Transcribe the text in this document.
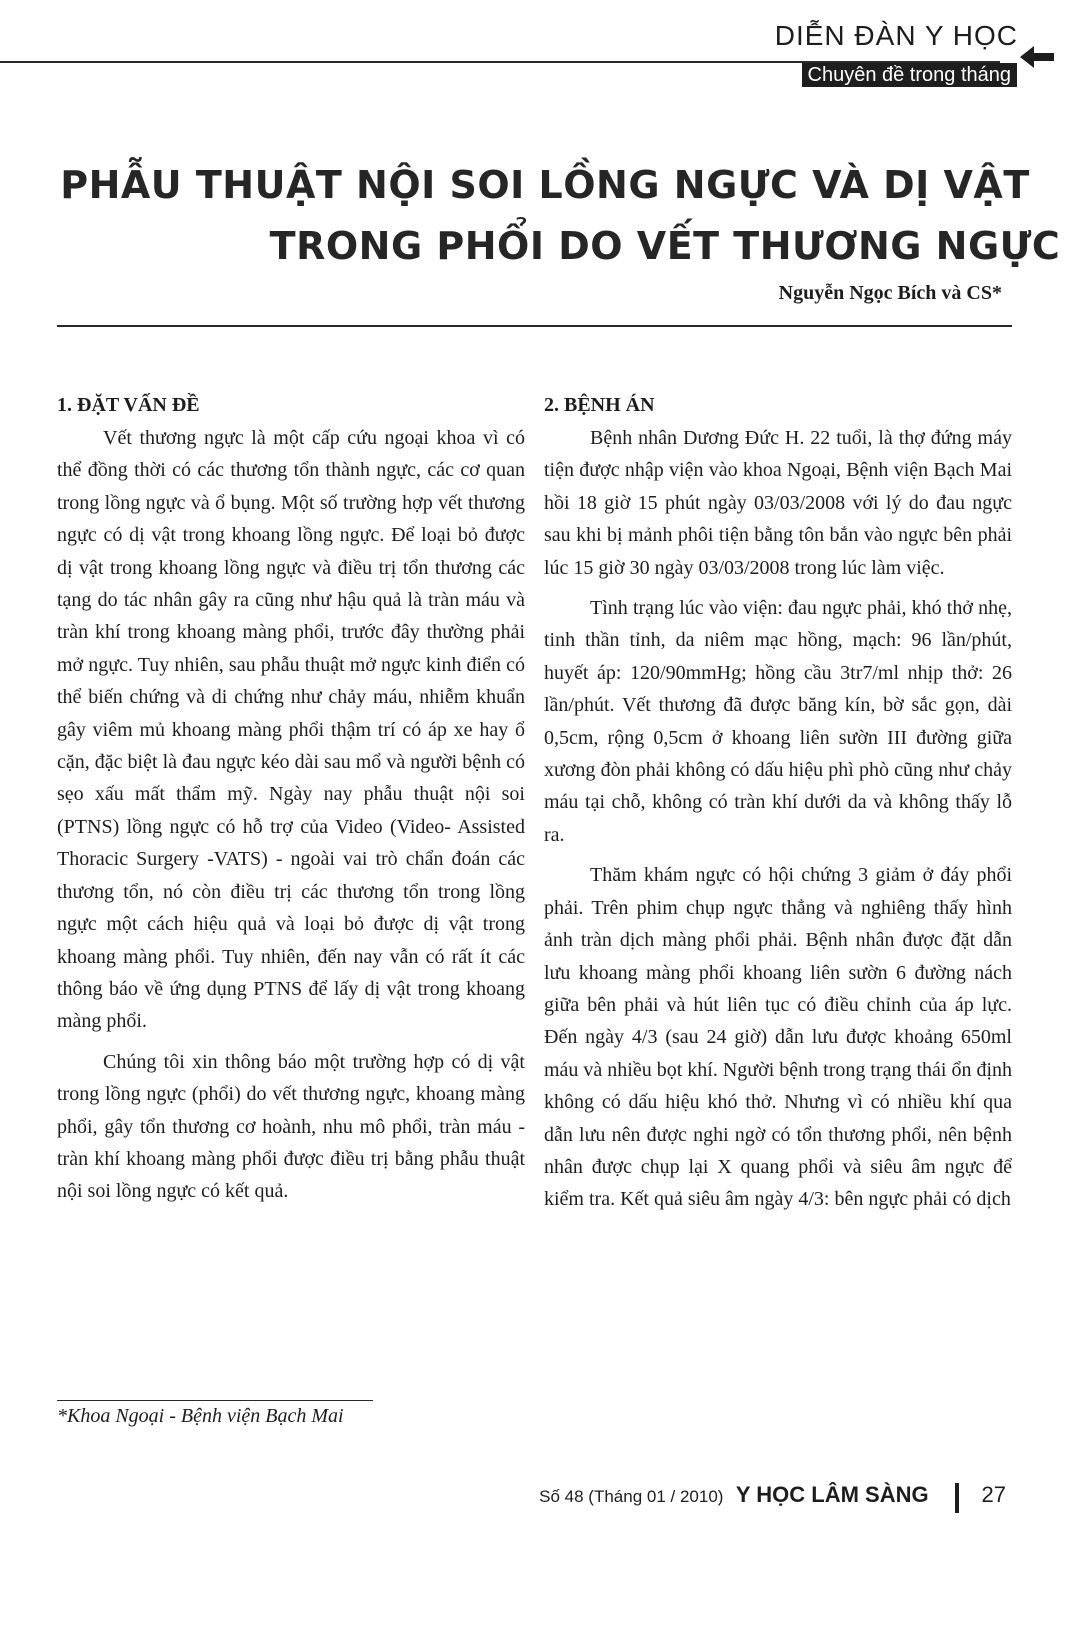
DIỄN ĐÀN Y HỌC
Chuyên đề trong tháng
PHẪU THUẬT NỘI SOI LỒNG NGỰC VÀ DỊ VẬT
TRONG PHỔI DO VẾT THƯƠNG NGỰC
Nguyễn Ngọc Bích và CS*
1. ĐẶT VẤN ĐỀ

Vết thương ngực là một cấp cứu ngoại khoa vì có thể đồng thời có các thương tổn thành ngực, các cơ quan trong lồng ngực và ổ bụng. Một số trường hợp vết thương ngực có dị vật trong khoang lồng ngực. Để loại bỏ được dị vật trong khoang lồng ngực và điều trị tổn thương các tạng do tác nhân gây ra cũng như hậu quả là tràn máu và tràn khí trong khoang màng phổi, trước đây thường phải mở ngực. Tuy nhiên, sau phẫu thuật mở ngực kinh điển có thể biến chứng và di chứng như chảy máu, nhiễm khuẩn gây viêm mủ khoang màng phổi thậm trí có áp xe hay ổ cặn, đặc biệt là đau ngực kéo dài sau mổ và người bệnh có sẹo xấu mất thẩm mỹ. Ngày nay phẫu thuật nội soi (PTNS) lồng ngực có hỗ trợ của Video (Video- Assisted Thoracic Surgery -VATS) - ngoài vai trò chẩn đoán các thương tổn, nó còn điều trị các thương tổn trong lồng ngực một cách hiệu quả và loại bỏ được dị vật trong khoang màng phổi. Tuy nhiên, đến nay vẫn có rất ít các thông báo về ứng dụng PTNS để lấy dị vật trong khoang màng phổi.

Chúng tôi xin thông báo một trường hợp có dị vật trong lồng ngực (phổi) do vết thương ngực, khoang màng phổi, gây tổn thương cơ hoành, nhu mô phổi, tràn máu - tràn khí khoang màng phổi được điều trị bằng phẫu thuật nội soi lồng ngực có kết quả.

2. BỆNH ÁN

Bệnh nhân Dương Đức H. 22 tuổi, là thợ đứng máy tiện được nhập viện vào khoa Ngoại, Bệnh viện Bạch Mai hồi 18 giờ 15 phút ngày 03/03/2008 với lý do đau ngực sau khi bị mảnh phôi tiện bằng tôn bắn vào ngực bên phải lúc 15 giờ 30 ngày 03/03/2008 trong lúc làm việc.

Tình trạng lúc vào viện: đau ngực phải, khó thở nhẹ, tinh thần tỉnh, da niêm mạc hồng, mạch: 96 lần/phút, huyết áp: 120/90mmHg; hồng cầu 3tr7/ml nhịp thở: 26 lần/phút. Vết thương đã được băng kín, bờ sắc gọn, dài 0,5cm, rộng 0,5cm ở khoang liên sườn III đường giữa xương đòn phải không có dấu hiệu phì phò cũng như chảy máu tại chỗ, không có tràn khí dưới da và không thấy lỗ ra.

Thăm khám ngực có hội chứng 3 giảm ở đáy phổi phải. Trên phim chụp ngực thẳng và nghiêng thấy hình ảnh tràn dịch màng phổi phải. Bệnh nhân được đặt dẫn lưu khoang màng phổi khoang liên sườn 6 đường nách giữa bên phải và hút liên tục có điều chỉnh của áp lực. Đến ngày 4/3 (sau 24 giờ) dẫn lưu được khoảng 650ml máu và nhiều bọt khí. Người bệnh trong trạng thái ổn định không có dấu hiệu khó thở. Nhưng vì có nhiều khí qua dẫn lưu nên được nghi ngờ có tổn thương phổi, nên bệnh nhân được chụp lại X quang phổi và siêu âm ngực để kiểm tra. Kết quả siêu âm ngày 4/3: bên ngực phải có dịch

*Khoa Ngoại - Bệnh viện Bạch Mai
Số 48 (Tháng 01 / 2010) Y HỌC LÂM SÀNG 27
